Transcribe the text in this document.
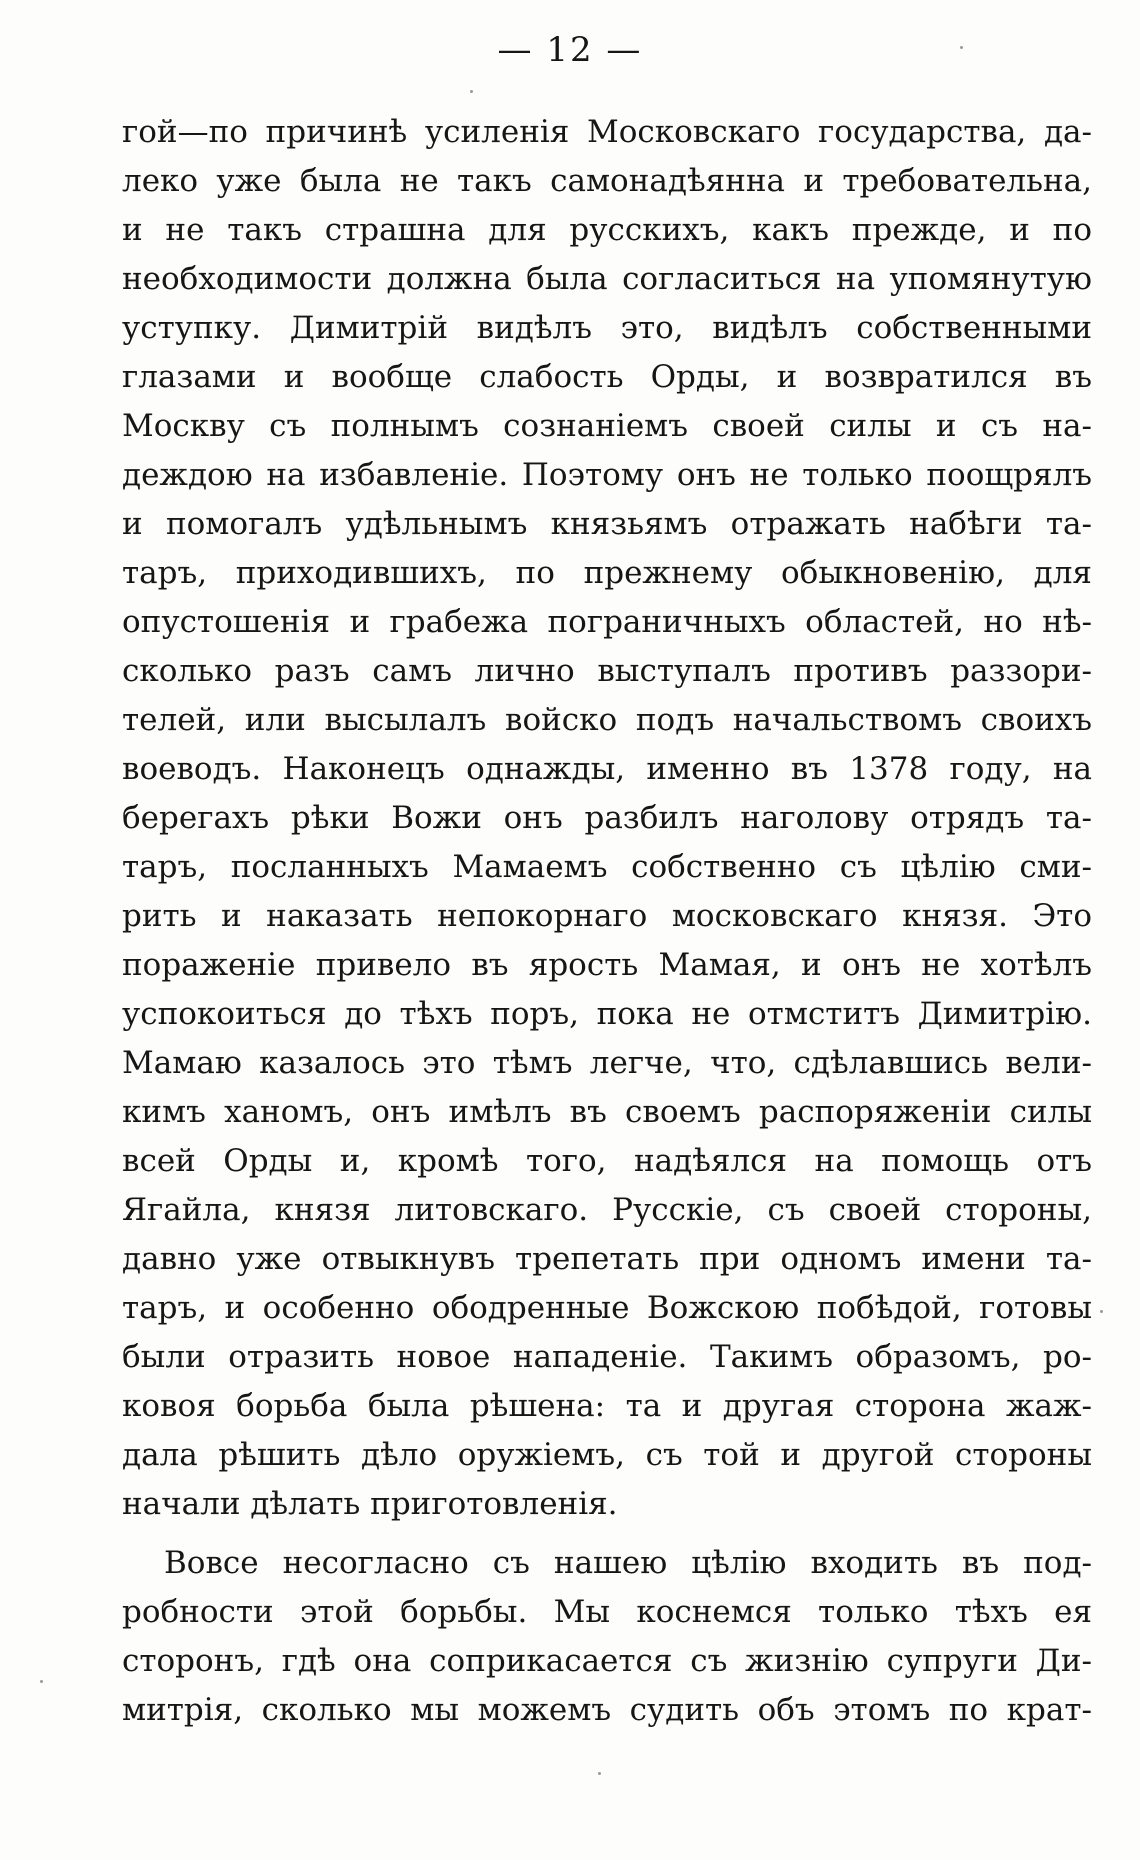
— 12 —
гой—по причинѣ усиленія Московскаго государства, да-
леко уже была не такъ самонадѣянна и требовательна,
и не такъ страшна для русскихъ, какъ прежде, и по
необходимости должна была согласиться на упомянутую
уступку. Димитрій видѣлъ это, видѣлъ собственными
глазами и вообще слабость Орды, и возвратился въ
Москву съ полнымъ сознаніемъ своей силы и съ на-
деждою на избавленіе. Поэтому онъ не только поощрялъ
и помогалъ удѣльнымъ князьямъ отражать набѣги та-
таръ, приходившихъ, по прежнему обыкновенію, для
опустошенія и грабежа пограничныхъ областей, но нѣ-
сколько разъ самъ лично выступалъ противъ раззори-
телей, или высылалъ войско подъ начальствомъ своихъ
воеводъ. Наконецъ однажды, именно въ 1378 году, на
берегахъ рѣки Вожи онъ разбилъ наголову отрядъ та-
таръ, посланныхъ Мамаемъ собственно съ цѣлію сми-
рить и наказать непокорнаго московскаго князя. Это
пораженіе привело въ ярость Мамая, и онъ не хотѣлъ
успокоиться до тѣхъ поръ, пока не отмститъ Димитрію.
Мамаю казалось это тѣмъ легче, что, сдѣлавшись вели-
кимъ ханомъ, онъ имѣлъ въ своемъ распоряженіи силы
всей Орды и, кромѣ того, надѣялся на помощь отъ
Ягайла, князя литовскаго. Русскіе, съ своей стороны,
давно уже отвыкнувъ трепетать при одномъ имени та-
таръ, и особенно ободренные Вожскою побѣдой, готовы
были отразить новое нападеніе. Такимъ образомъ, ро-
ковоя борьба была рѣшена: та и другая сторона жаж-
дала рѣшить дѣло оружіемъ, съ той и другой стороны
начали дѣлать приготовленія.
Вовсе несогласно съ нашею цѣлію входить въ под-
робности этой борьбы. Мы коснемся только тѣхъ ея
сторонъ, гдѣ она соприкасается съ жизнію супруги Ди-
митрія, сколько мы можемъ судить объ этомъ по крат-
